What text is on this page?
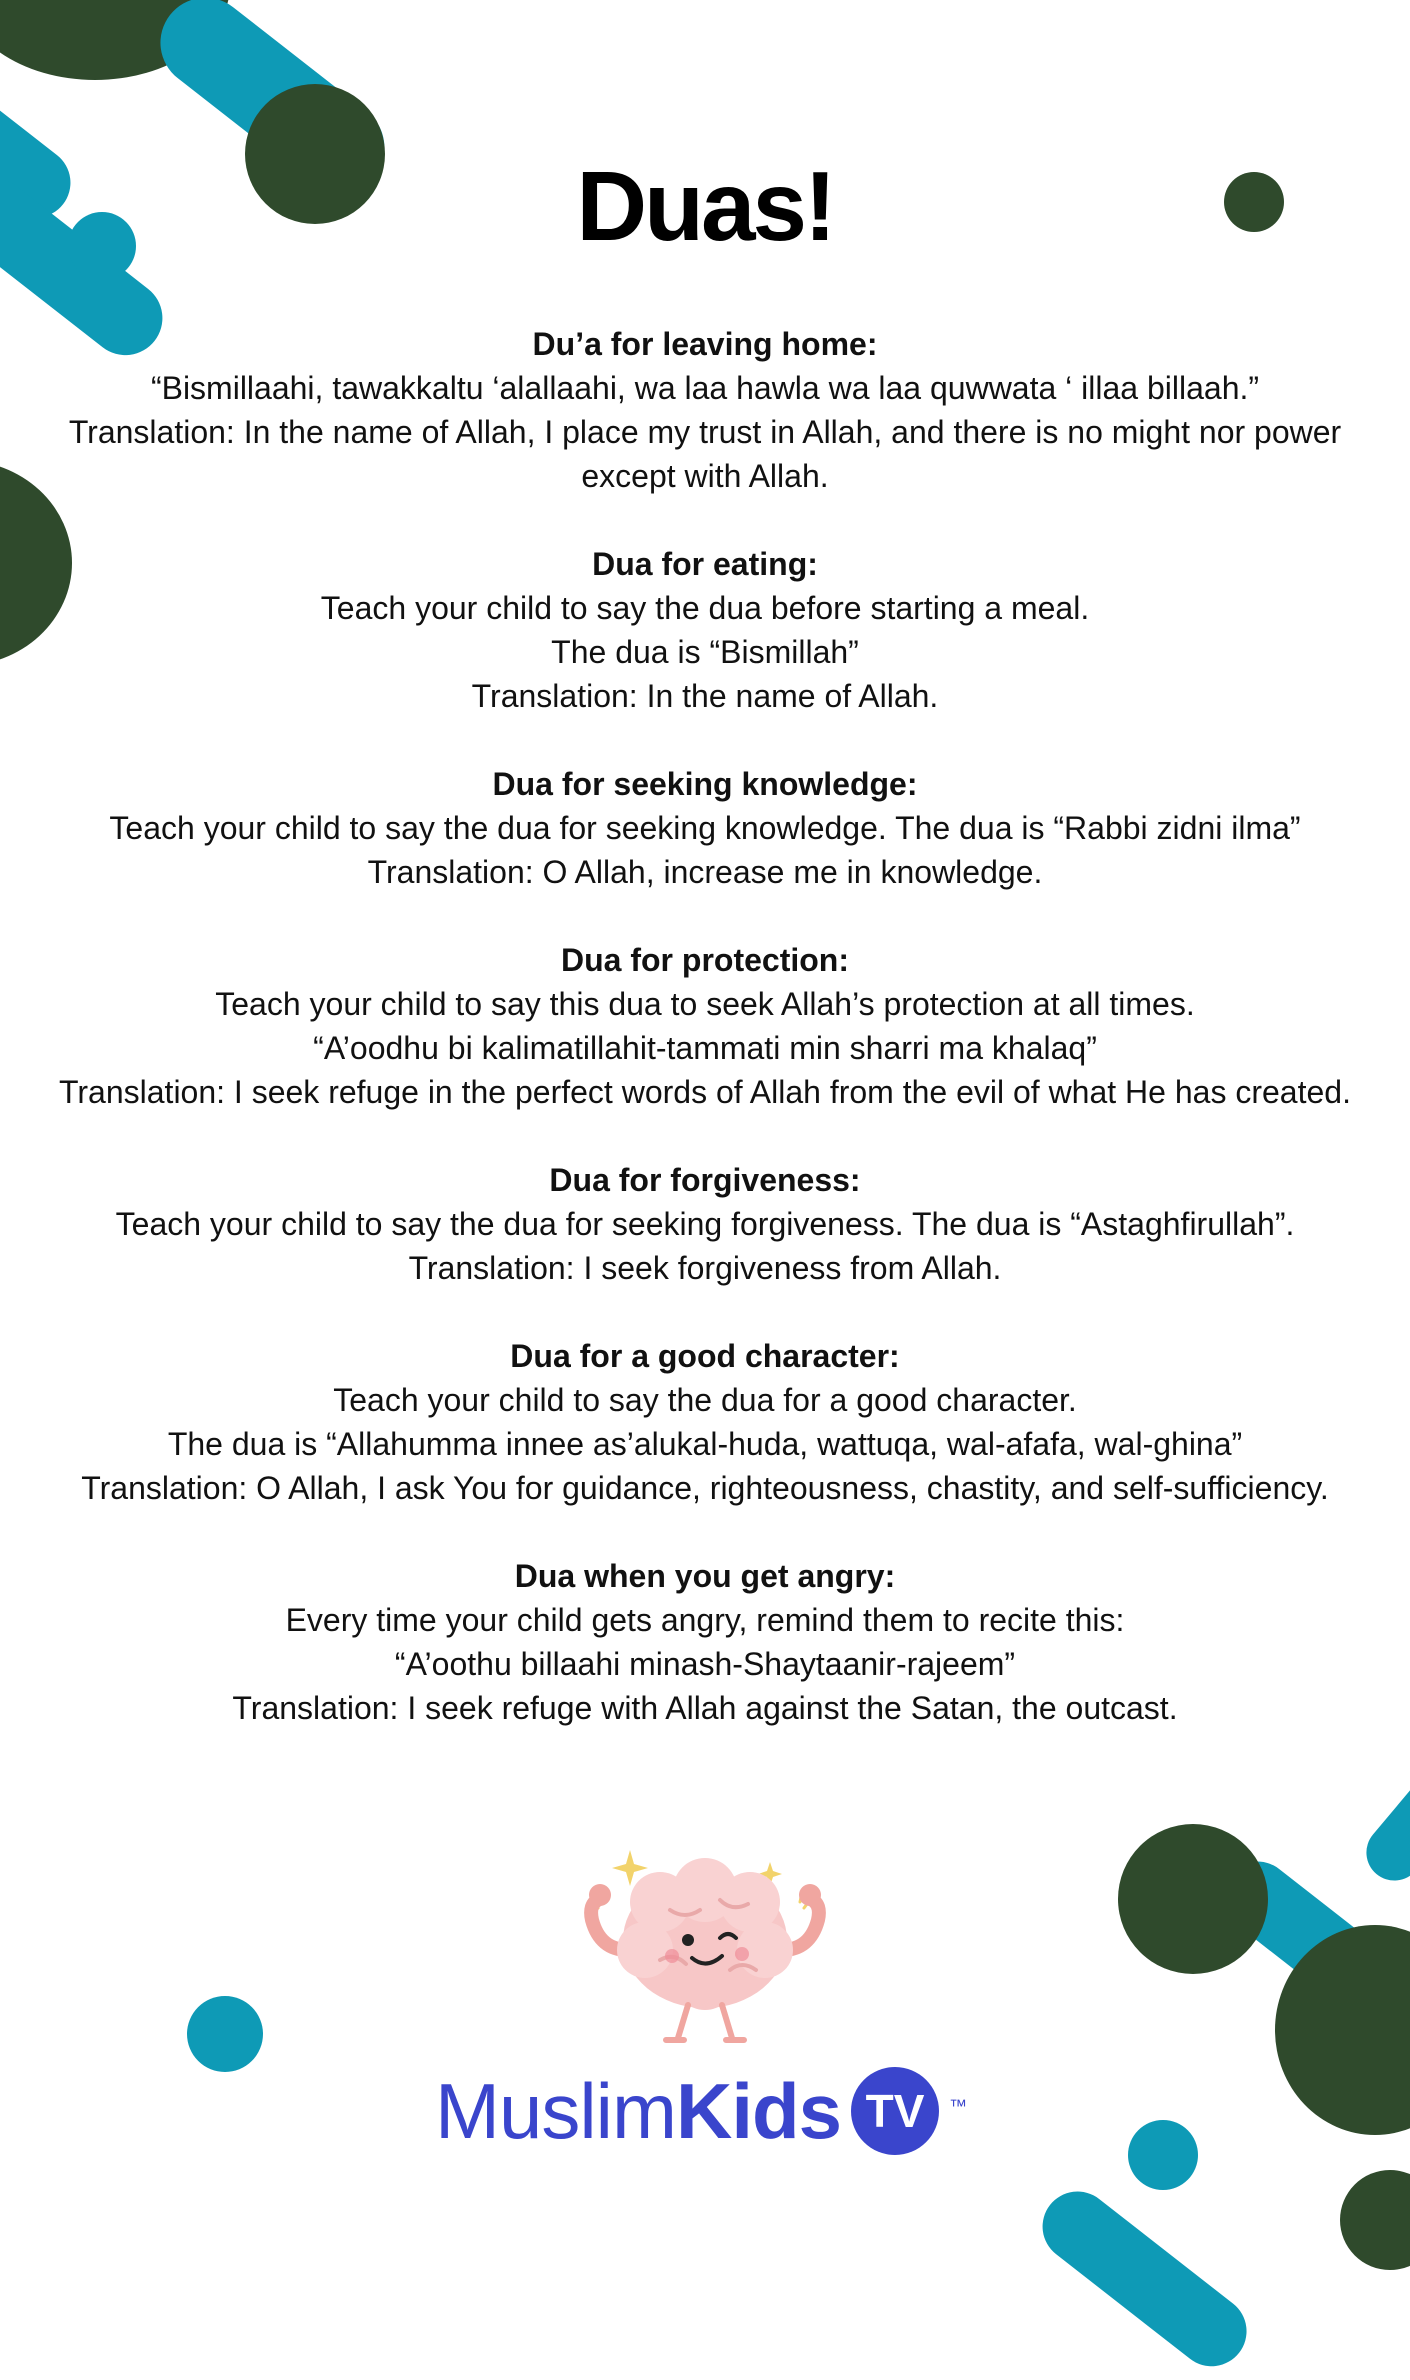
Duas!
Du’a for leaving home:

“Bismillaahi, tawakkaltu ‘alallaahi, wa laa hawla wa laa quwwata ‘ illaa billaah.”

Translation: In the name of Allah, I place my trust in Allah, and there is no might nor power except with Allah.

Dua for eating:

Teach your child to say the dua before starting a meal.

The dua is “Bismillah”

Translation: In the name of Allah.

Dua for seeking knowledge:

Teach your child to say the dua for seeking knowledge. The dua is “Rabbi zidni ilma”

Translation: O Allah, increase me in knowledge.

Dua for protection:

Teach your child to say this dua to seek Allah’s protection at all times.

“A’oodhu bi kalimatillahit-tammati min sharri ma khalaq”

Translation: I seek refuge in the perfect words of Allah from the evil of what He has created.

Dua for forgiveness:

Teach your child to say the dua for seeking forgiveness. The dua is “Astaghfirullah”.

Translation: I seek forgiveness from Allah.

Dua for a good character:

Teach your child to say the dua for a good character.

The dua is “Allahumma innee as’alukal-huda, wattuqa, wal-afafa, wal-ghina”

Translation: O Allah, I ask You for guidance, righteousness, chastity, and self-sufficiency.

Dua when you get angry:

Every time your child gets angry, remind them to recite this:

“A’oothu billaahi minash-Shaytaanir-rajeem”

Translation: I seek refuge with Allah against the Satan, the outcast.

Muslim Kids TV	™
